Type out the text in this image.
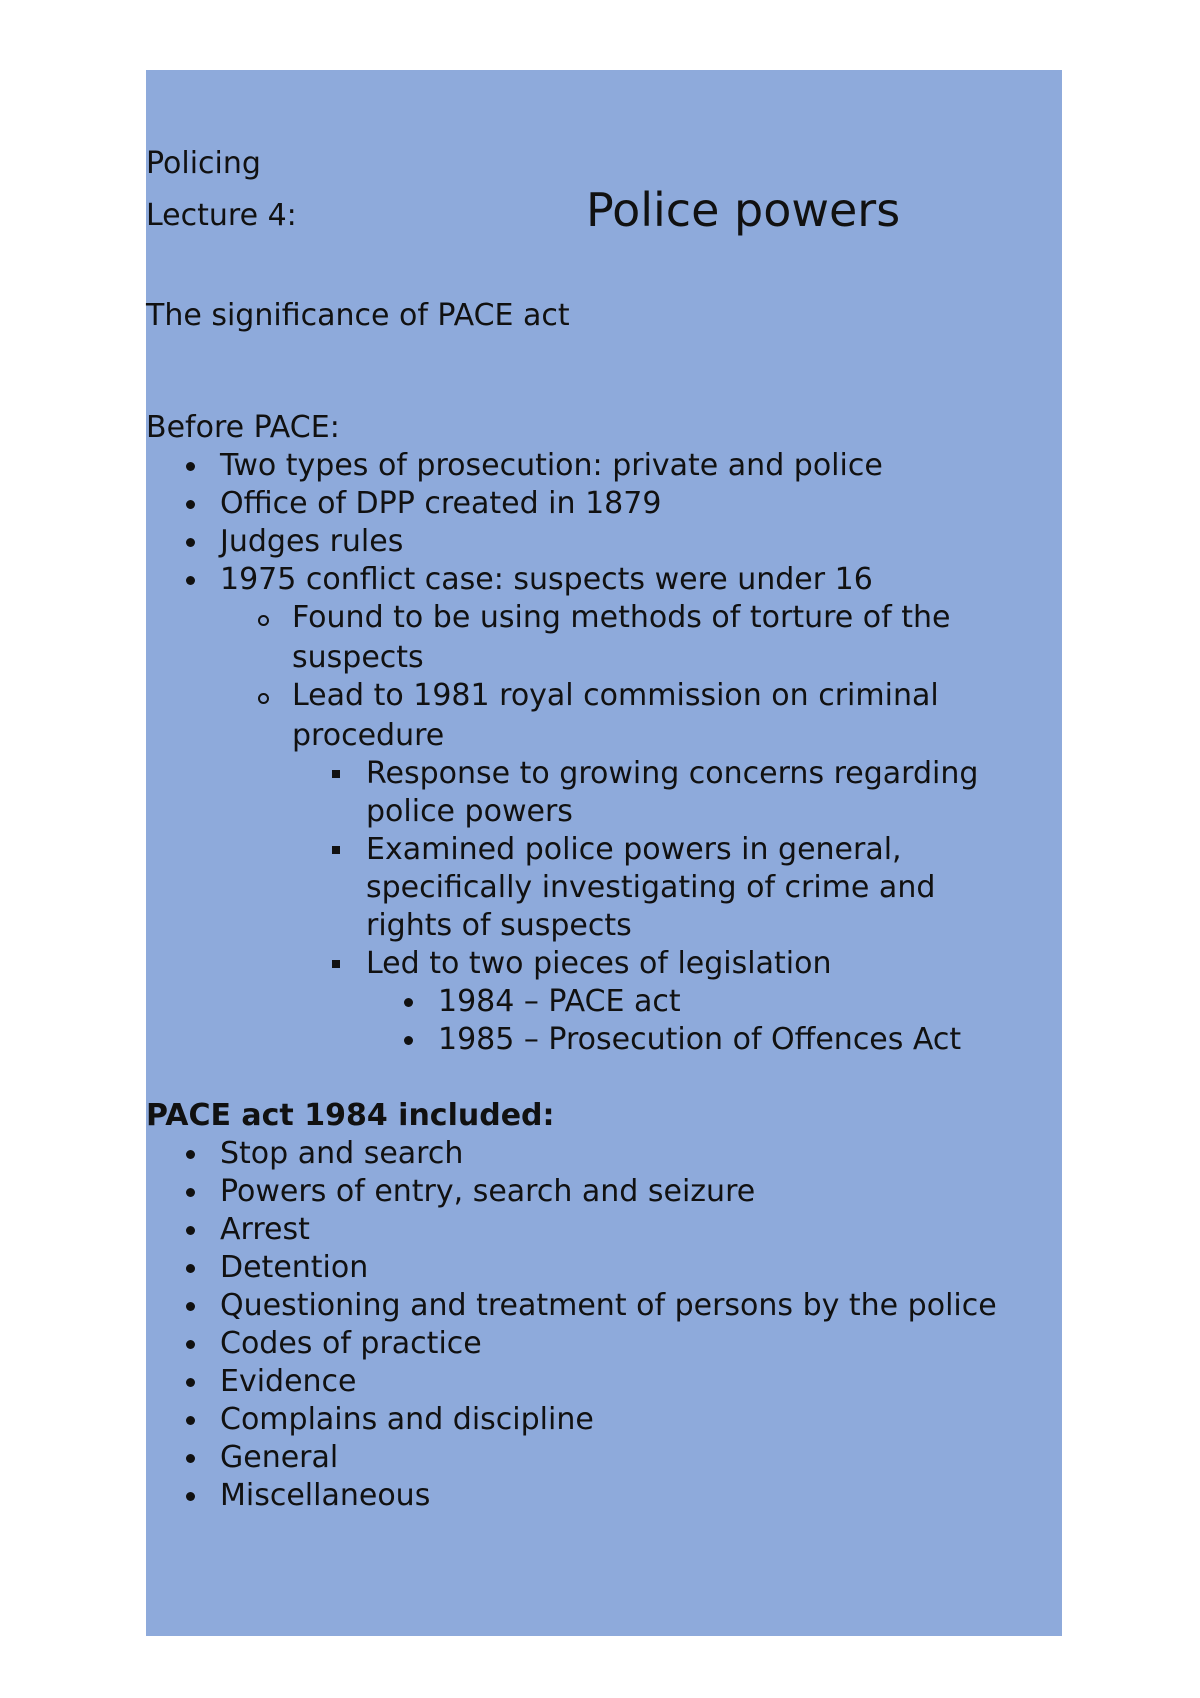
Policing
Lecture 4:	Police powers
The significance of PACE act
Before PACE:
Two types of prosecution: private and police
Office of DPP created in 1879
Judges rules
1975 conflict case: suspects were under 16
Found to be using methods of torture of the
suspects
Lead to 1981 royal commission on criminal
procedure
Response to growing concerns regarding
police powers
Examined police powers in general,
specifically investigating of crime and
rights of suspects
Led to two pieces of legislation
1984 – PACE act
1985 – Prosecution of Offences Act
PACE act 1984 included:
Stop and search
Powers of entry, search and seizure
Arrest
Detention
Questioning and treatment of persons by the police
Codes of practice
Evidence
Complains and discipline
General
Miscellaneous
